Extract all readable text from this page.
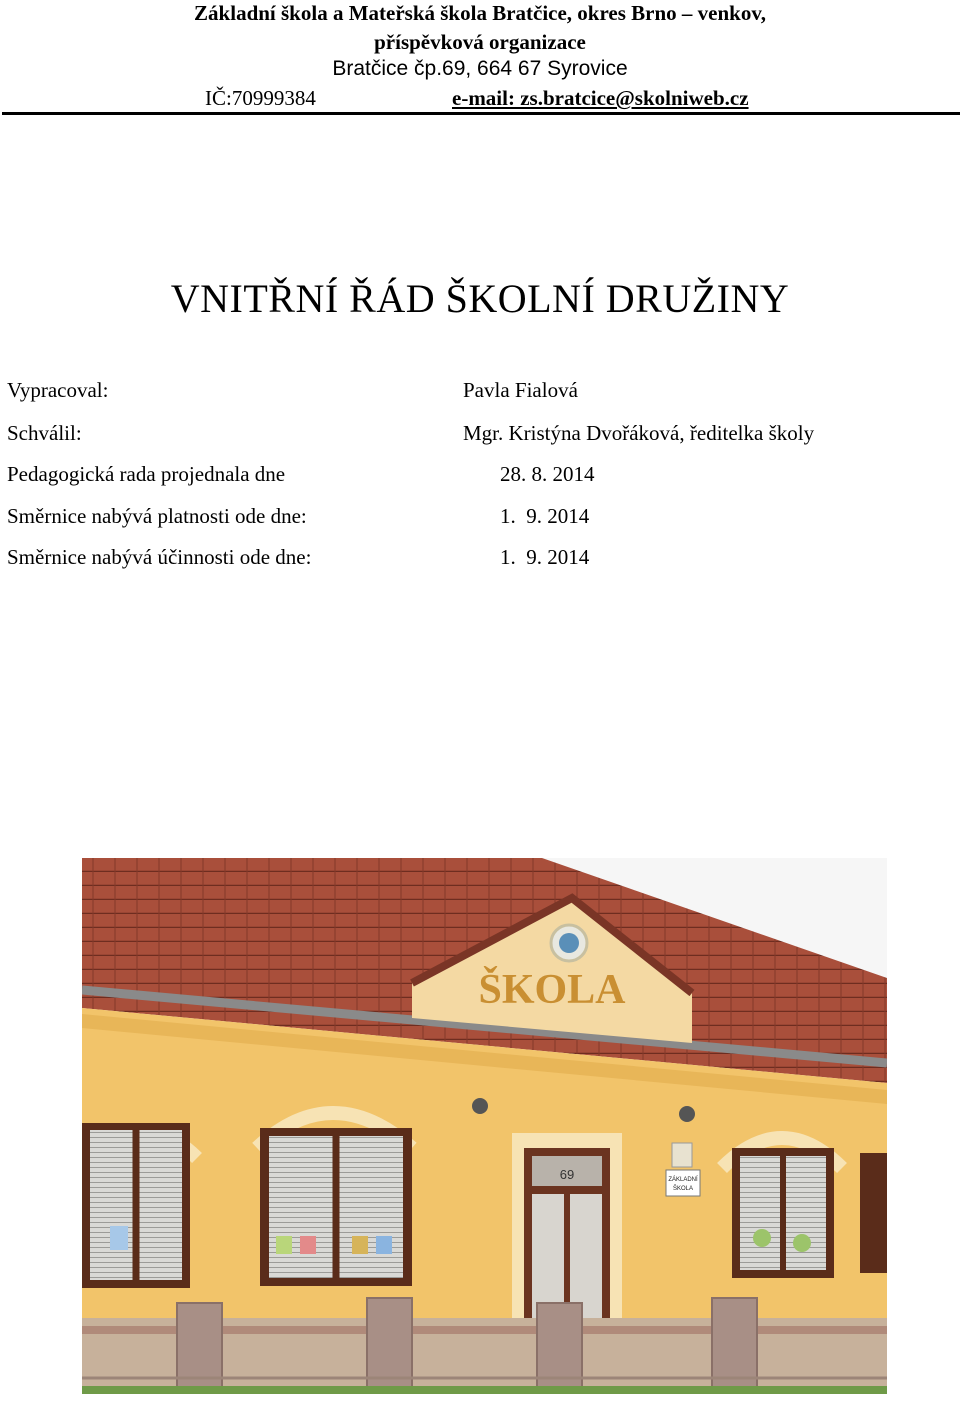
Základní škola a Mateřská škola Bratčice, okres Brno – venkov,
příspěvková organizace
Bratčice čp.69, 664 67 Syrovice
IČ:70999384	e-mail: zs.bratcice@skolniweb.cz
VNITŘNÍ ŘÁD ŠKOLNÍ DRUŽINY
Vypracoval:	Pavla Fialová
Schválil:	Mgr. Kristýna Dvořáková, ředitelka školy
Pedagogická rada projednala dne	28. 8. 2014
Směrnice nabývá platnosti ode dne:	1.  9. 2014
Směrnice nabývá účinnosti ode dne:	1.  9. 2014
ŠKOLA
69	ZÁKLADNÍ
ŠKOLA
